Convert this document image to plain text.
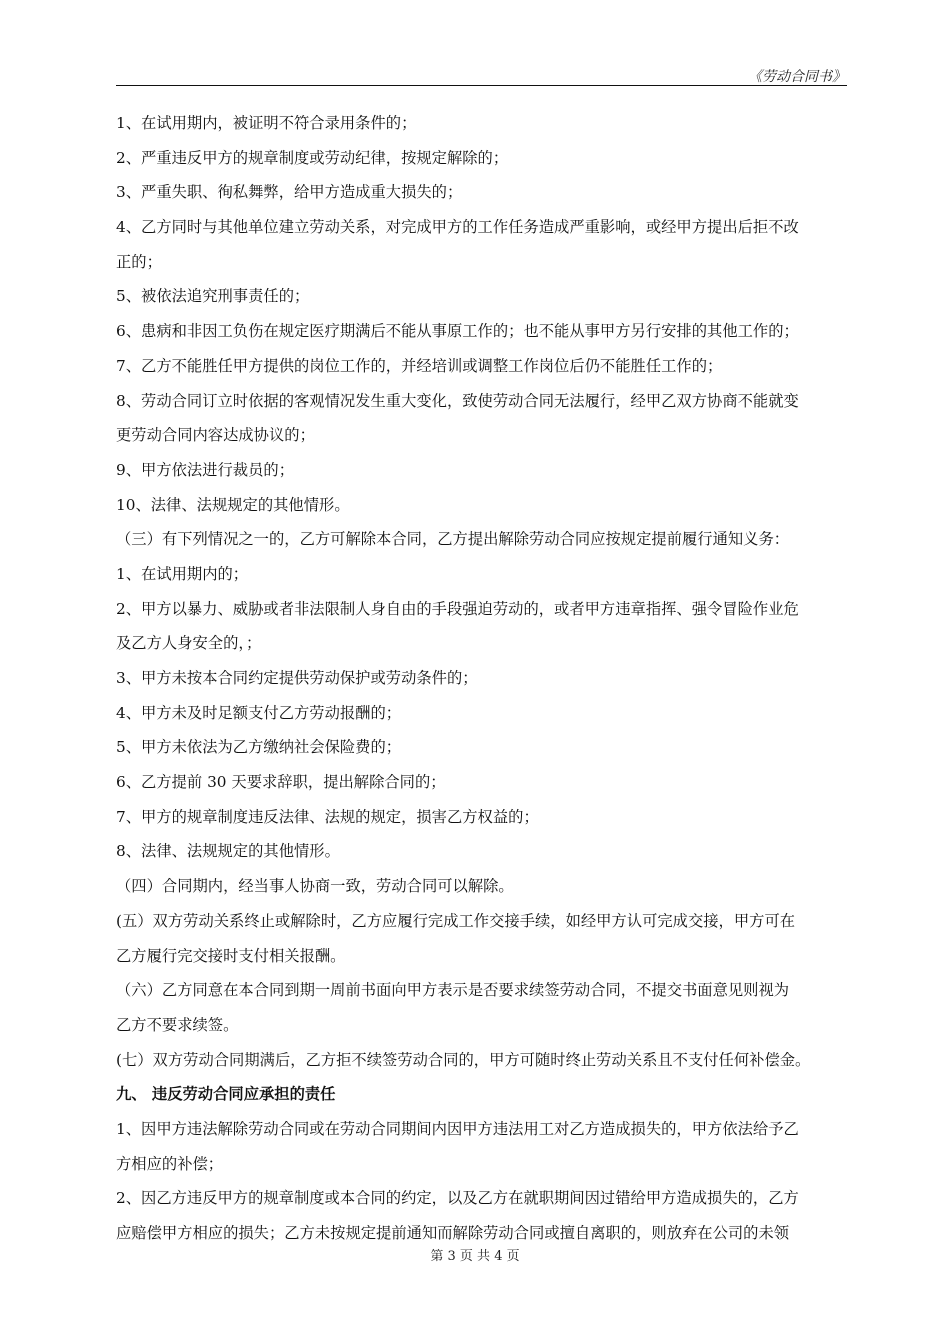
《劳动合同书》
1、在试用期内，被证明不符合录用条件的；
2、严重违反甲方的规章制度或劳动纪律，按规定解除的；
3、严重失职、徇私舞弊，给甲方造成重大损失的；
4、乙方同时与其他单位建立劳动关系，对完成甲方的工作任务造成严重影响，或经甲方提出后拒不改
正的；
5、被依法追究刑事责任的；
6、患病和非因工负伤在规定医疗期满后不能从事原工作的；也不能从事甲方另行安排的其他工作的；
7、乙方不能胜任甲方提供的岗位工作的，并经培训或调整工作岗位后仍不能胜任工作的；
8、劳动合同订立时依据的客观情况发生重大变化，致使劳动合同无法履行，经甲乙双方协商不能就变
更劳动合同内容达成协议的；
9、甲方依法进行裁员的；
10、法律、法规规定的其他情形。
（三）有下列情况之一的，乙方可解除本合同，乙方提出解除劳动合同应按规定提前履行通知义务：
1、在试用期内的；
2、甲方以暴力、威胁或者非法限制人身自由的手段强迫劳动的，或者甲方违章指挥、强令冒险作业危
及乙方人身安全的，；
3、甲方未按本合同约定提供劳动保护或劳动条件的；
4、甲方未及时足额支付乙方劳动报酬的；
5、甲方未依法为乙方缴纳社会保险费的；
6、乙方提前 30 天要求辞职，提出解除合同的；
7、甲方的规章制度违反法律、法规的规定，损害乙方权益的；
8、法律、法规规定的其他情形。
（四）合同期内，经当事人协商一致，劳动合同可以解除。
(五）双方劳动关系终止或解除时，乙方应履行完成工作交接手续，如经甲方认可完成交接，甲方可在
乙方履行完交接时支付相关报酬。
（六）乙方同意在本合同到期一周前书面向甲方表示是否要求续签劳动合同，不提交书面意见则视为
乙方不要求续签。
(七）双方劳动合同期满后，乙方拒不续签劳动合同的，甲方可随时终止劳动关系且不支付任何补偿金。
九、 违反劳动合同应承担的责任
1、因甲方违法解除劳动合同或在劳动合同期间内因甲方违法用工对乙方造成损失的，甲方依法给予乙
方相应的补偿；
2、因乙方违反甲方的规章制度或本合同的约定，以及乙方在就职期间因过错给甲方造成损失的，乙方
应赔偿甲方相应的损失；乙方未按规定提前通知而解除劳动合同或擅自离职的，则放弃在公司的未领
第 3 页 共 4 页
